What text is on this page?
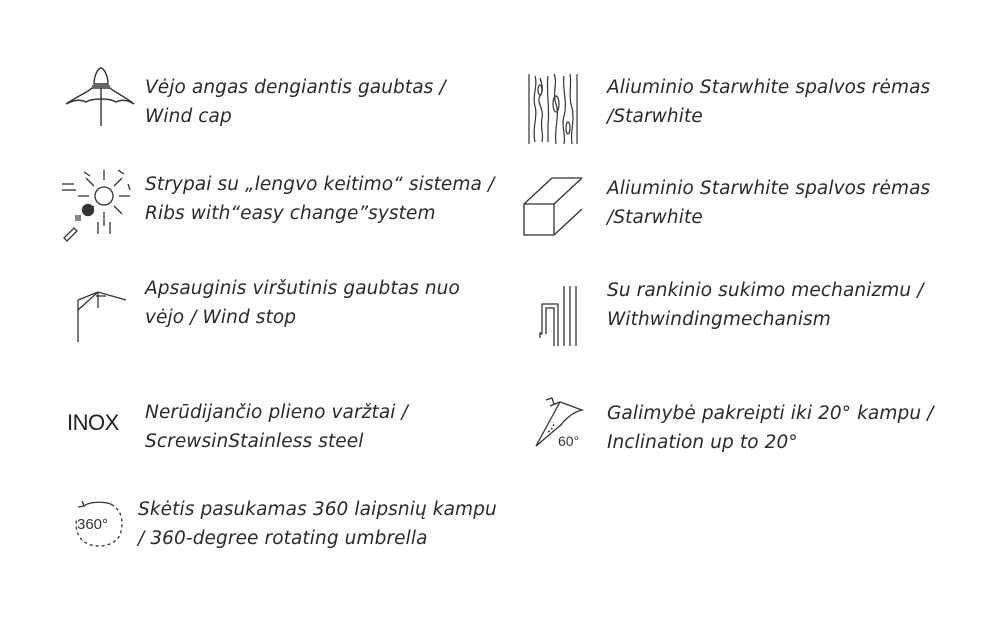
Vėjo angas dengiantis gaubtas /
Wind cap
Strypai su „lengvo keitimo“ sistema /
Ribs with“easy change”system
Apsauginis viršutinis gaubtas nuo
vėjo / Wind stop
INOX Nerūdijančio plieno varžtai /
ScrewsinStainless steel
360°
Skėtis pasukamas 360 laipsnių kampu
/ 360-degree rotating umbrella
Aliuminio Starwhite spalvos rėmas
/Starwhite
Aliuminio Starwhite spalvos rėmas
/Starwhite
Su rankinio sukimo mechanizmu /
Withwindingmechanism
60°
Galimybė pakreipti iki 20° kampu /
Inclination up to 20°
